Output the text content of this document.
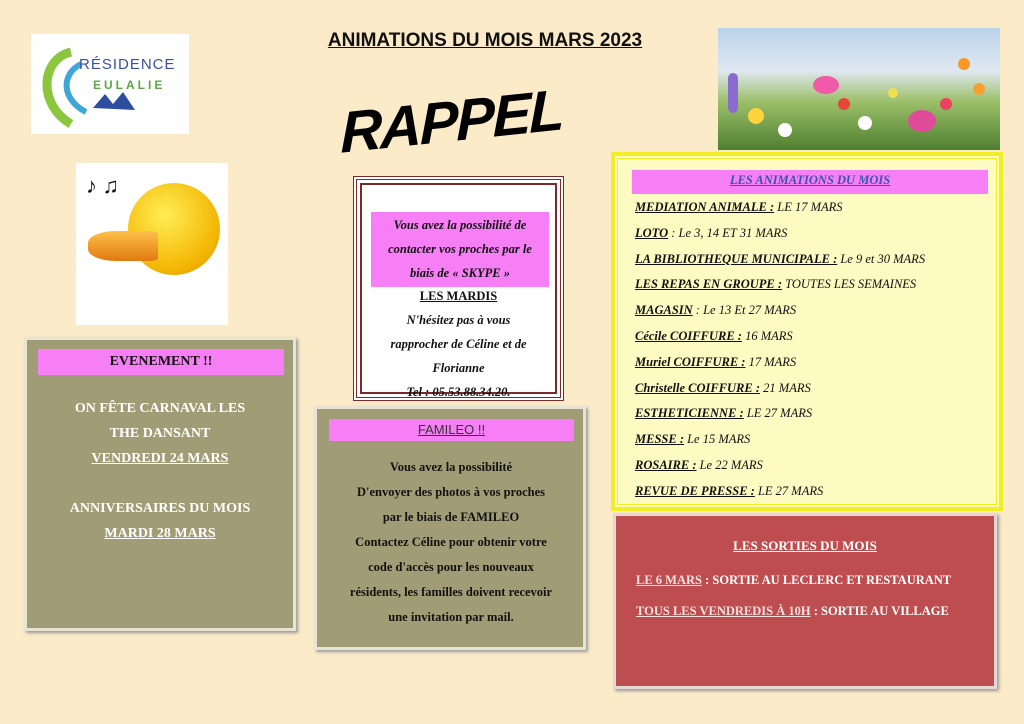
RÉSIDENCE
EULALIE
ANIMATIONS DU MOIS MARS 2023
RAPPEL
♪ ♫
EVENEMENT !!
ON FÊTE CARNAVAL LES
THE DANSANT
VENDREDI 24 MARS
ANNIVERSAIRES DU MOIS
MARDI 28 MARS
Vous avez la possibilité de
contacter vos proches par le
biais de « SKYPE »
LES MARDIS
N'hésitez pas à vous
rapprocher de Céline et de
Florianne
Tel : 05.53.88.34.20.
FAMILEO !!
Vous avez la possibilité
D'envoyer des photos à vos proches
par le biais de FAMILEO
Contactez Céline pour obtenir votre
code d'accès pour les nouveaux
résidents, les familles doivent recevoir
une invitation par mail.
LES ANIMATIONS DU MOIS
MEDIATION ANIMALE : LE 17 MARS
LOTO : Le 3, 14 ET 31 MARS
LA BIBLIOTHEQUE MUNICIPALE : Le 9 et 30 MARS
LES REPAS EN GROUPE : TOUTES LES SEMAINES
MAGASIN : Le 13 Et 27 MARS
Cécile COIFFURE : 16 MARS
Muriel COIFFURE : 17 MARS
Christelle COIFFURE : 21 MARS
ESTHETICIENNE : LE 27 MARS
MESSE : Le 15 MARS
ROSAIRE : Le 22 MARS
REVUE DE PRESSE : LE 27 MARS
LES SORTIES DU MOIS
LE 6 MARS : SORTIE AU LECLERC ET RESTAURANT
TOUS LES VENDREDIS À 10H : SORTIE AU VILLAGE
